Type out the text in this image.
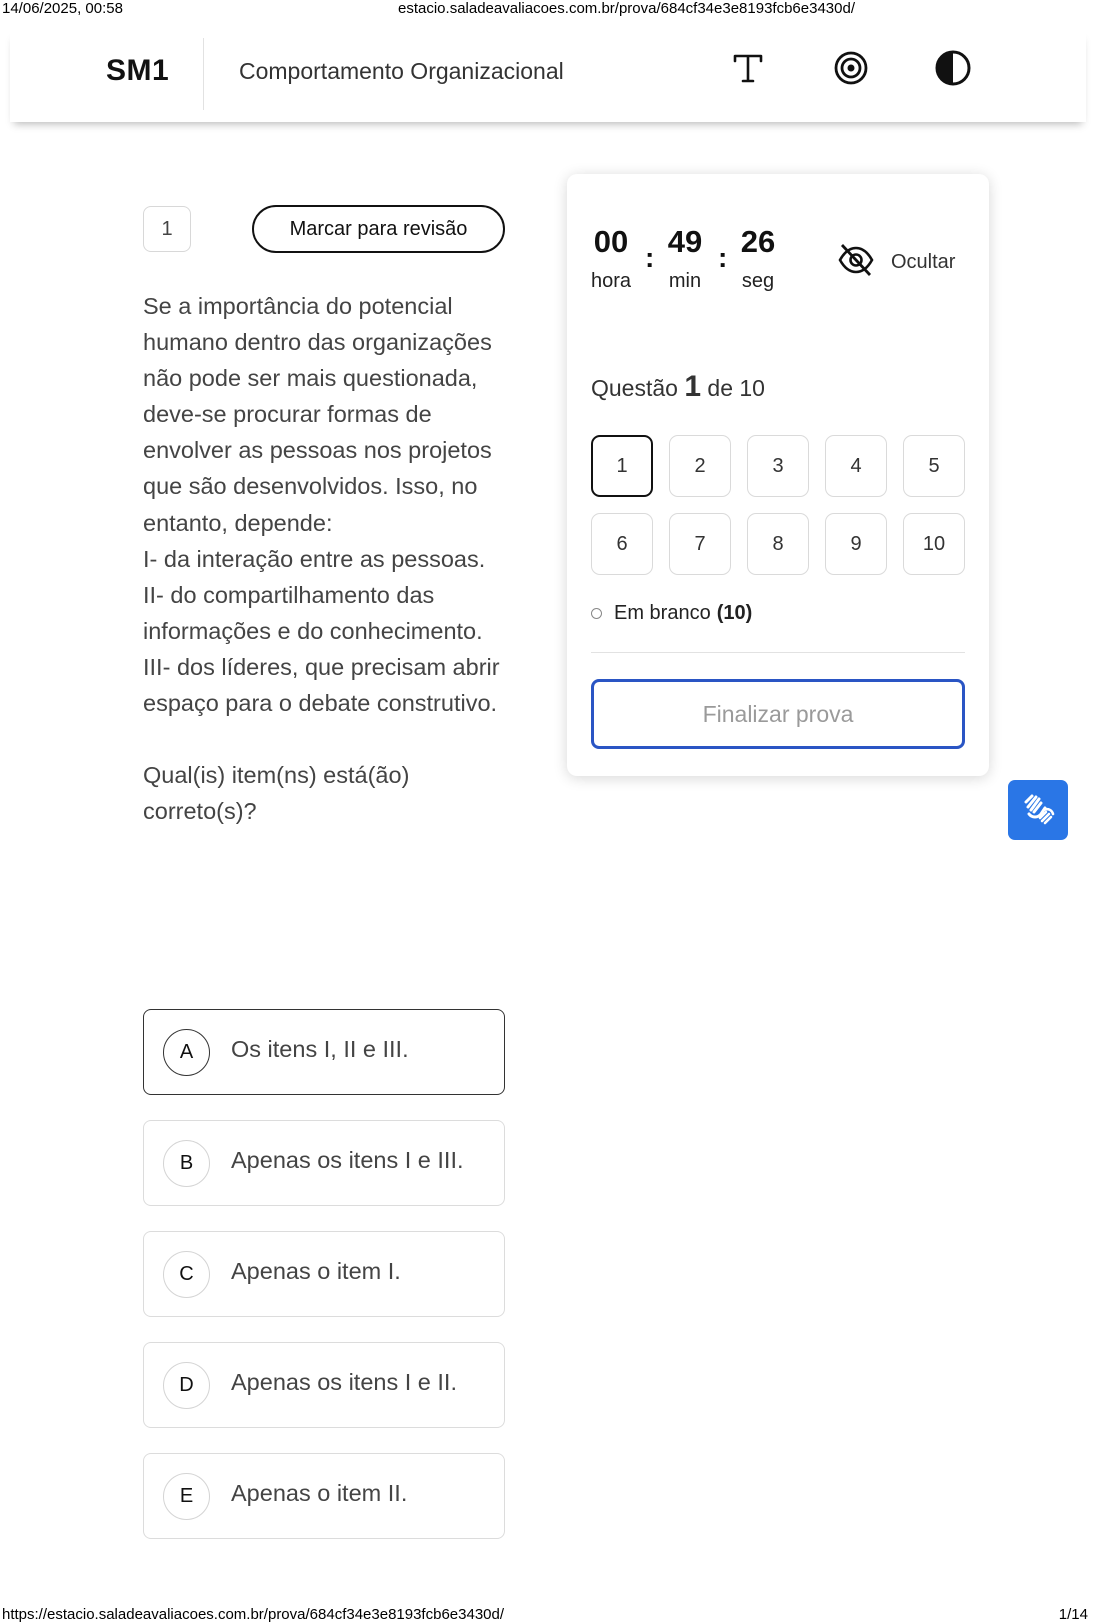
14/06/2025, 00:58	estacio.saladeavaliacoes.com.br/prova/684cf34e3e8193fcb6e3430d/
SM1	Comportamento Organizacional
1	Marcar para revisão
Se a importância do potencial humano dentro das organizações não pode ser mais questionada, deve-se procurar formas de envolver as pessoas nos projetos que são desenvolvidos. Isso, no entanto, depende:
I- da interação entre as pessoas.
II- do compartilhamento das informações e do conhecimento.
III- dos líderes, que precisam abrir espaço para o debate construtivo.

Qual(is) item(ns) está(ão) correto(s)?
A	Os itens I, II e III.
B	Apenas os itens I e III.
C	Apenas o item I.
D	Apenas os itens I e II.
E	Apenas o item II.
00
hora
: 49
min
: 26
seg
Ocultar
Questão 1 de 10
1	2	3	4	5
6	7	8	9	10
Em branco (10)
Finalizar prova
https://estacio.saladeavaliacoes.com.br/prova/684cf34e3e8193fcb6e3430d/	1/14
